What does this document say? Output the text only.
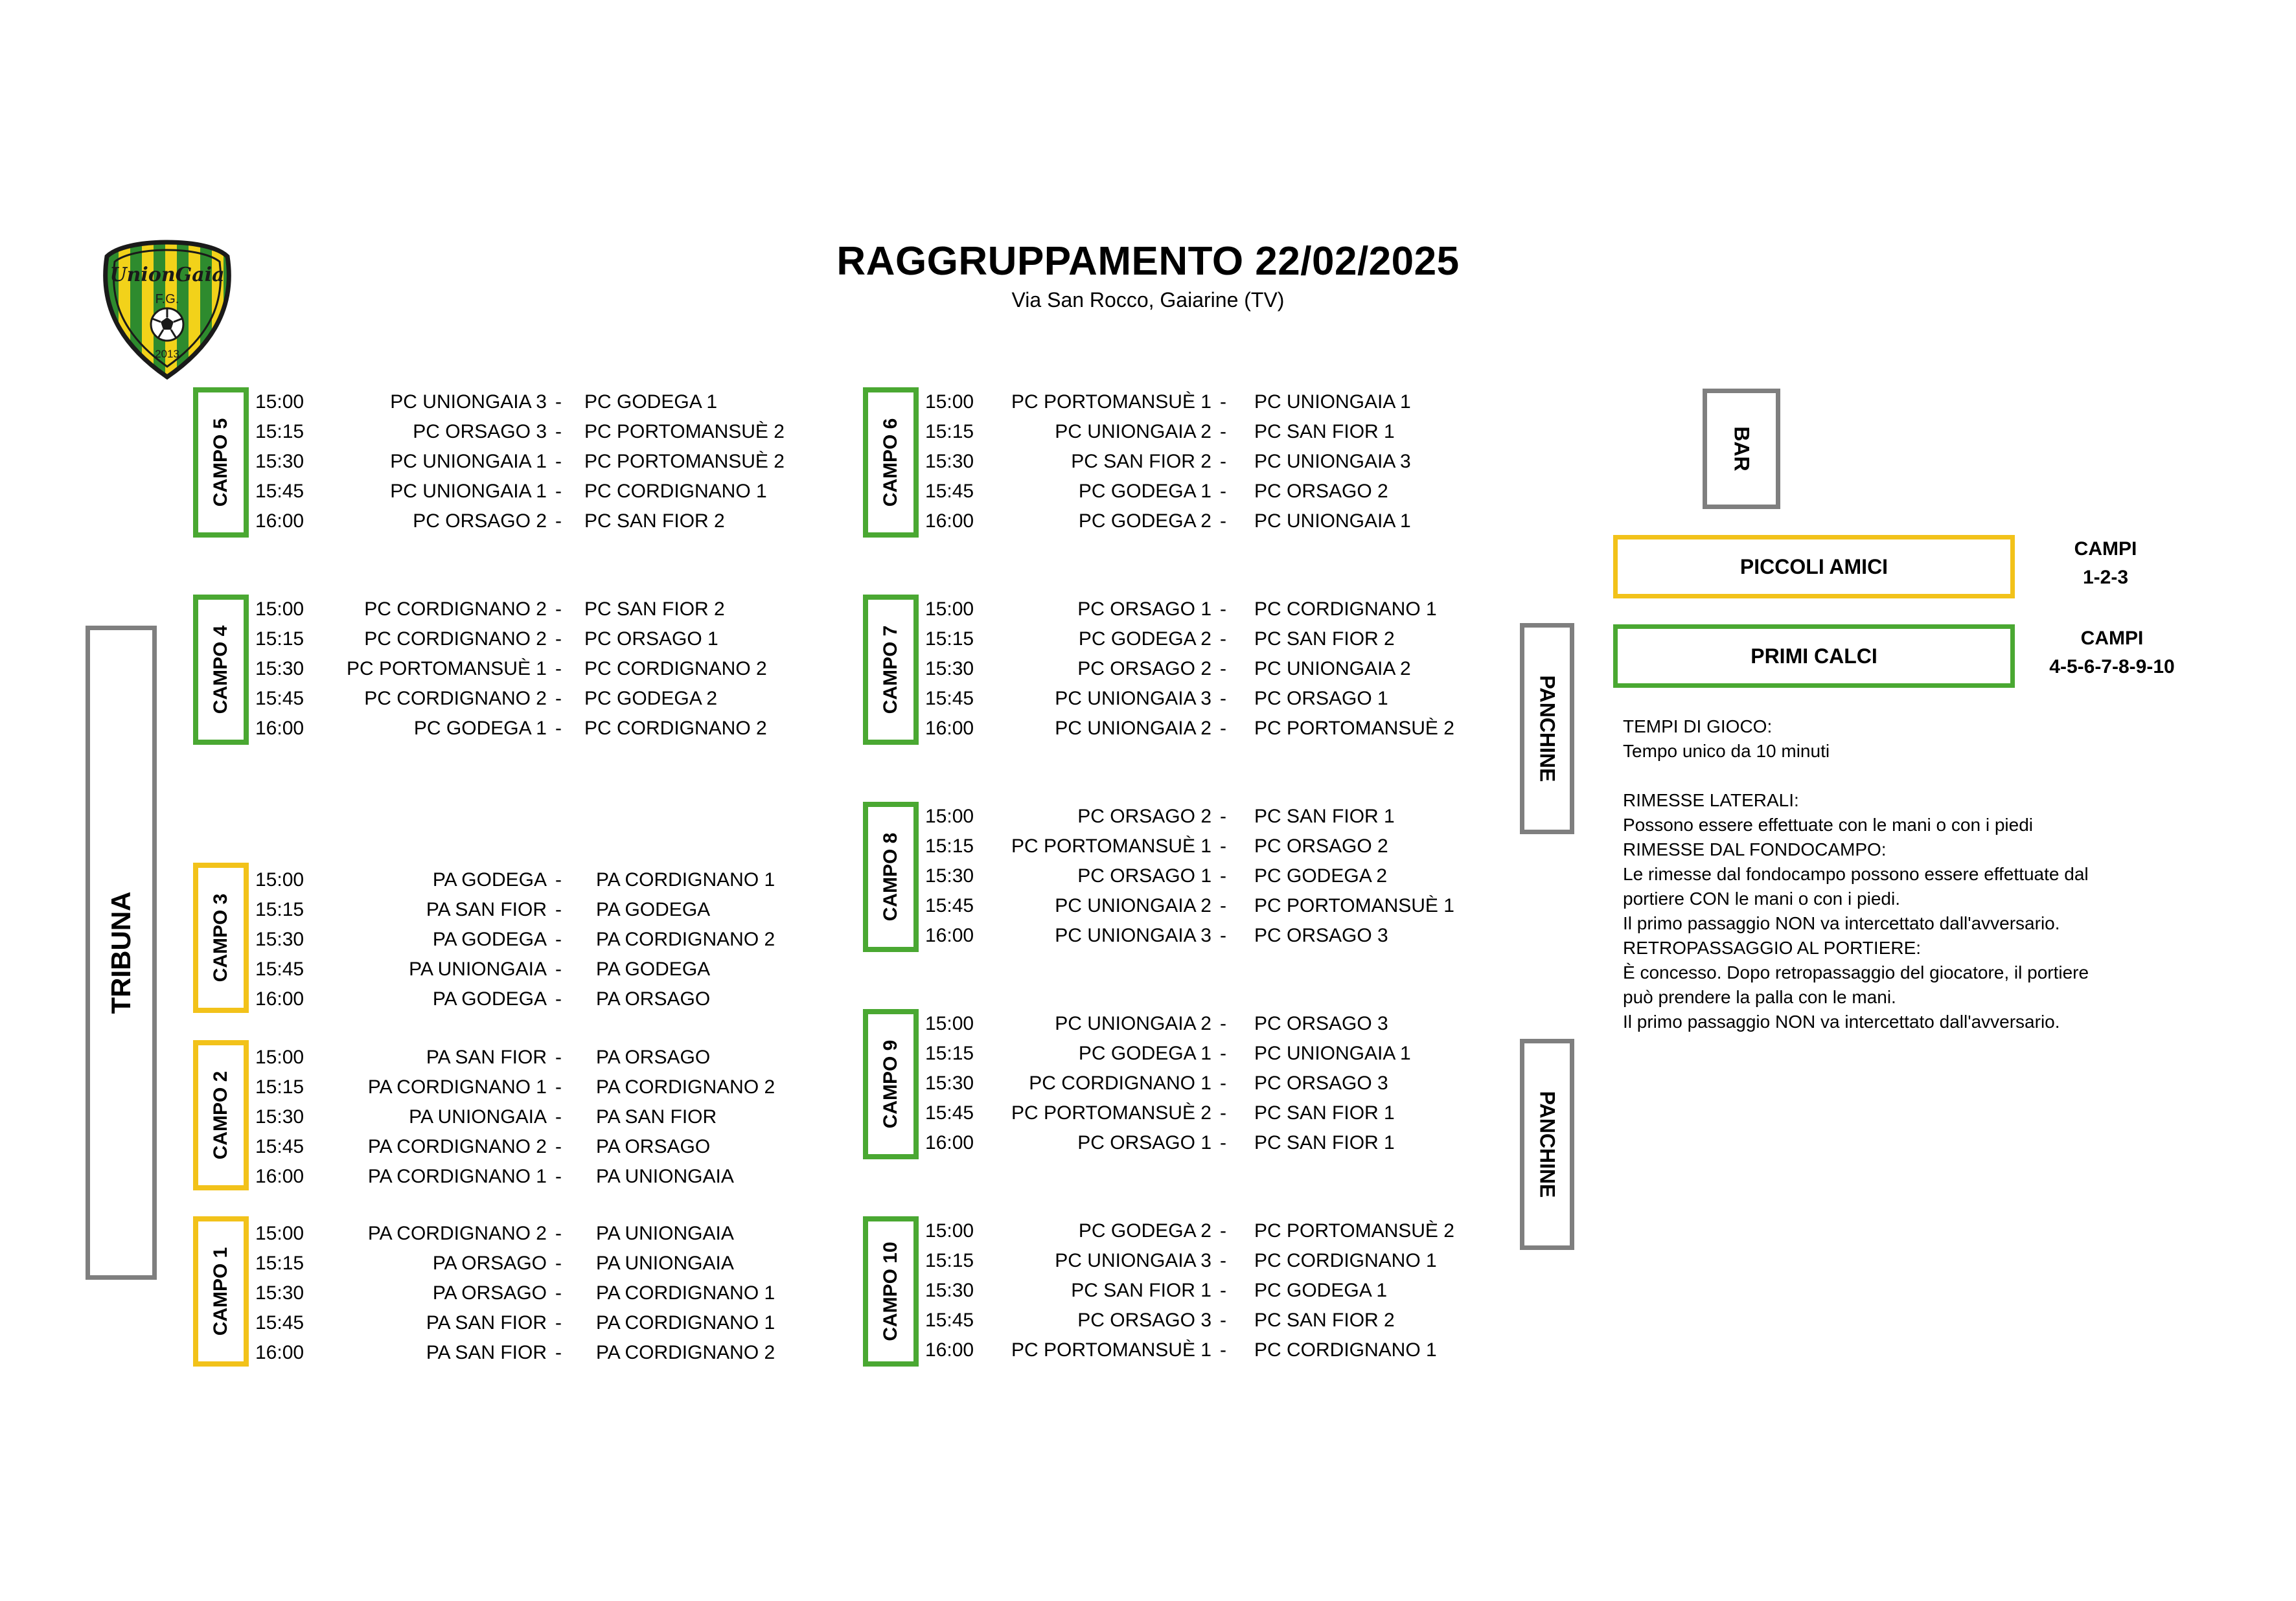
RAGGRUPPAMENTO 22/02/2025
Via San Rocco, Gaiarine (TV)
UnionGaia
F.G.
2013
TRIBUNA
BAR
PANCHINE
PANCHINE
PICCOLI AMICI
CAMPI
1-2-3
PRIMI CALCI
CAMPI
4-5-6-7-8-9-10
TEMPI DI GIOCO:
Tempo unico da 10 minuti

RIMESSE LATERALI:
Possono essere effettuate con le mani o con i piedi
RIMESSE DAL FONDOCAMPO:
Le rimesse dal fondocampo possono essere effettuate dal portiere CON le mani o con i piedi.
Il primo passaggio NON va intercettato dall'avversario.
RETROPASSAGGIO AL PORTIERE:
È concesso. Dopo retropassaggio del giocatore, il portiere può prendere la palla con le mani.
Il primo passaggio NON va intercettato dall'avversario.
CAMPO 5
15:00	PC UNIONGAIA 3 -	PC GODEGA 1
15:15	PC ORSAGO 3 -	PC PORTOMANSUÈ 2
15:30	PC UNIONGAIA 1 -	PC PORTOMANSUÈ 2
15:45	PC UNIONGAIA 1 -	PC CORDIGNANO 1
16:00	PC ORSAGO 2 -	PC SAN FIOR 2
CAMPO 4
15:00	PC CORDIGNANO 2 -	PC SAN FIOR 2
15:15	PC CORDIGNANO 2 -	PC ORSAGO 1
15:30	PC PORTOMANSUÈ 1 -	PC CORDIGNANO 2
15:45	PC CORDIGNANO 2 -	PC GODEGA 2
16:00	PC GODEGA 1 -	PC CORDIGNANO 2
CAMPO 3
15:00	PA GODEGA -	PA CORDIGNANO 1
15:15	PA SAN FIOR -	PA GODEGA
15:30	PA GODEGA -	PA CORDIGNANO 2
15:45	PA UNIONGAIA -	PA GODEGA
16:00	PA GODEGA -	PA ORSAGO
CAMPO 2
15:00	PA SAN FIOR -	PA ORSAGO
15:15	PA CORDIGNANO 1 -	PA CORDIGNANO 2
15:30	PA UNIONGAIA -	PA SAN FIOR
15:45	PA CORDIGNANO 2 -	PA ORSAGO
16:00	PA CORDIGNANO 1 -	PA UNIONGAIA
CAMPO 1
15:00	PA CORDIGNANO 2 -	PA UNIONGAIA
15:15	PA ORSAGO -	PA UNIONGAIA
15:30	PA ORSAGO -	PA CORDIGNANO 1
15:45	PA SAN FIOR -	PA CORDIGNANO 1
16:00	PA SAN FIOR -	PA CORDIGNANO 2
CAMPO 6
15:00	PC PORTOMANSUÈ 1 -	PC UNIONGAIA 1
15:15	PC UNIONGAIA 2 -	PC SAN FIOR 1
15:30	PC SAN FIOR 2 -	PC UNIONGAIA 3
15:45	PC GODEGA 1 -	PC ORSAGO 2
16:00	PC GODEGA 2 -	PC UNIONGAIA 1
CAMPO 7
15:00	PC ORSAGO 1 -	PC CORDIGNANO 1
15:15	PC GODEGA 2 -	PC SAN FIOR 2
15:30	PC ORSAGO 2 -	PC UNIONGAIA 2
15:45	PC UNIONGAIA 3 -	PC ORSAGO 1
16:00	PC UNIONGAIA 2 -	PC PORTOMANSUÈ 2
CAMPO 8
15:00	PC ORSAGO 2 -	PC SAN FIOR 1
15:15	PC PORTOMANSUÈ 1 -	PC ORSAGO 2
15:30	PC ORSAGO 1 -	PC GODEGA 2
15:45	PC UNIONGAIA 2 -	PC PORTOMANSUÈ 1
16:00	PC UNIONGAIA 3 -	PC ORSAGO 3
CAMPO 9
15:00	PC UNIONGAIA 2 -	PC ORSAGO 3
15:15	PC GODEGA 1 -	PC UNIONGAIA 1
15:30	PC CORDIGNANO 1 -	PC ORSAGO 3
15:45	PC PORTOMANSUÈ 2 -	PC SAN FIOR 1
16:00	PC ORSAGO 1 -	PC SAN FIOR 1
CAMPO 10
15:00	PC GODEGA 2 -	PC PORTOMANSUÈ 2
15:15	PC UNIONGAIA 3 -	PC CORDIGNANO 1
15:30	PC SAN FIOR 1 -	PC GODEGA 1
15:45	PC ORSAGO 3 -	PC SAN FIOR 2
16:00	PC PORTOMANSUÈ 1 -	PC CORDIGNANO 1
